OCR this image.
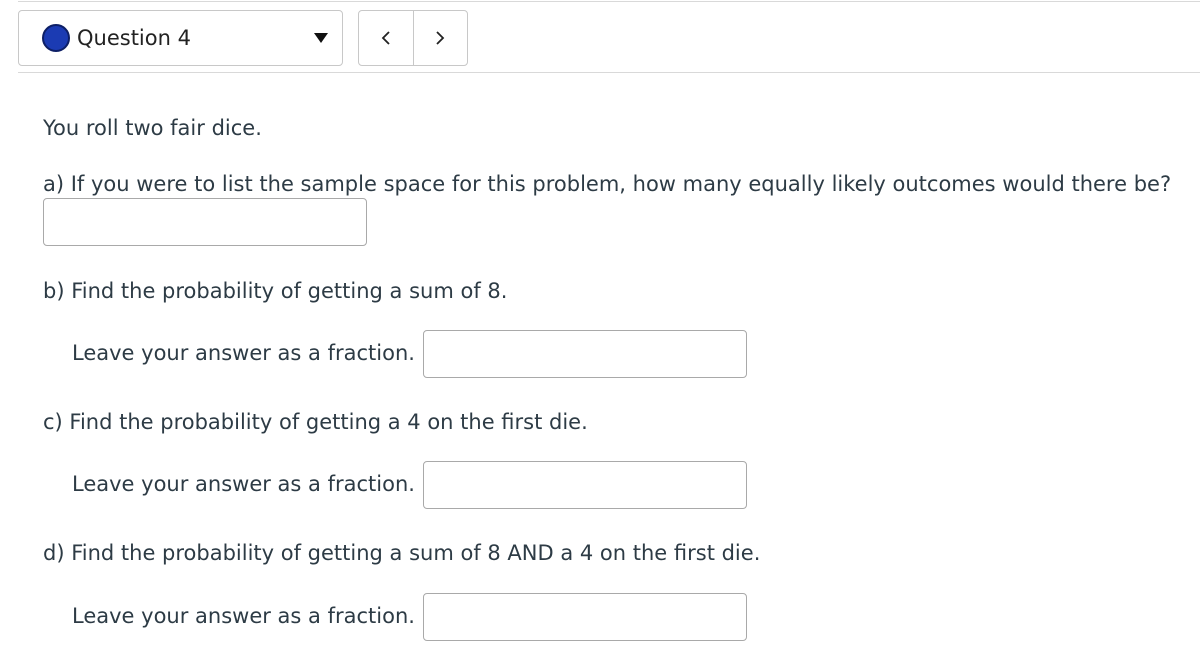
Question 4
You roll two fair dice.
a) If you were to list the sample space for this problem, how many equally likely outcomes would there be?
b) Find the probability of getting a sum of 8.
Leave your answer as a fraction.
c) Find the probability of getting a 4 on the first die.
Leave your answer as a fraction.
d) Find the probability of getting a sum of 8 AND a 4 on the first die.
Leave your answer as a fraction.
